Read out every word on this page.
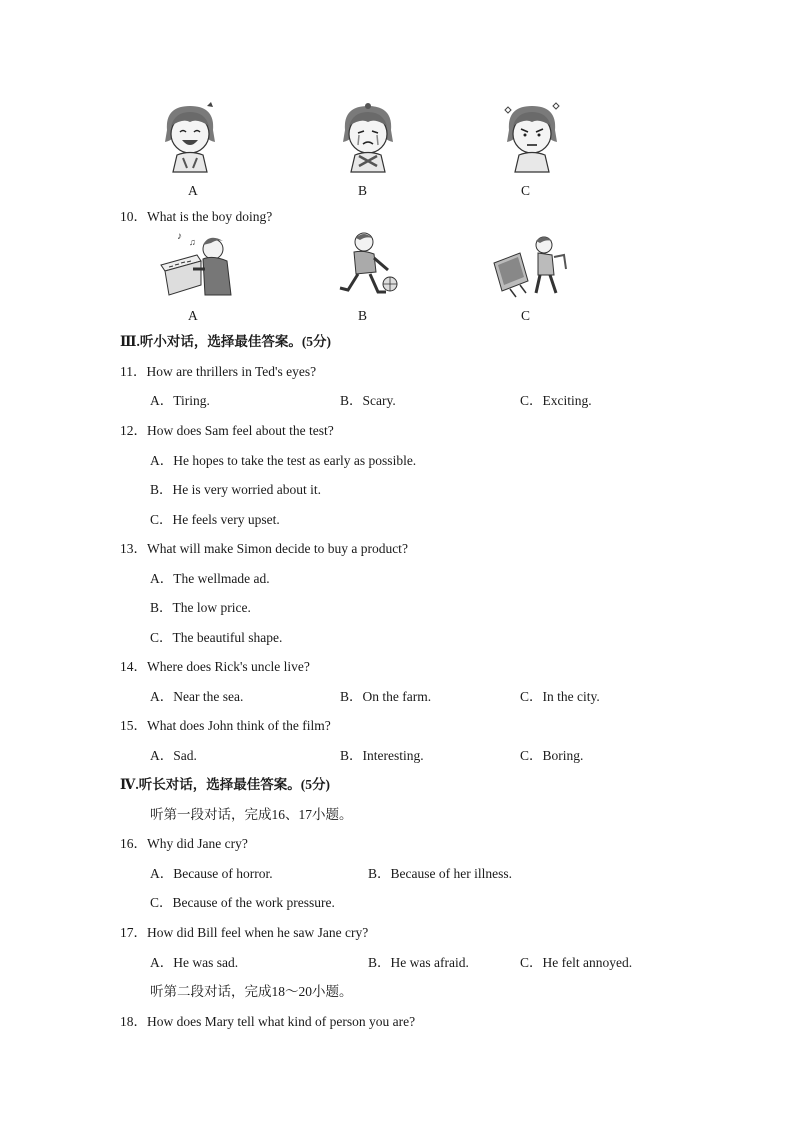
A	B	C
10．What is the boy doing?
♪ ♫
A	B	C
Ⅲ.听小对话，选择最佳答案。(5分)
11．How are thrillers in Ted's eyes?
A．Tiring.	B．Scary.	C．Exciting.
12．How does Sam feel about the test?
A．He hopes to take the test as early as possible.
B．He is very worried about it.
C．He feels very upset.
13．What will make Simon decide to buy a product?
A．The wellmade ad.
B．The low price.
C．The beautiful shape.
14．Where does Rick's uncle live?
A．Near the sea.	B．On the farm.	C．In the city.
15．What does John think of the film?
A．Sad.	B．Interesting.	C．Boring.
Ⅳ.听长对话，选择最佳答案。(5分)
听第一段对话，完成16、17小题。
16．Why did Jane cry?
A．Because of horror.	B．Because of her illness.
C．Because of the work pressure.
17．How did Bill feel when he saw Jane cry?
A．He was sad.	B．He was afraid.	C．He felt annoyed.
听第二段对话，完成18～20小题。
18．How does Mary tell what kind of person you are?
